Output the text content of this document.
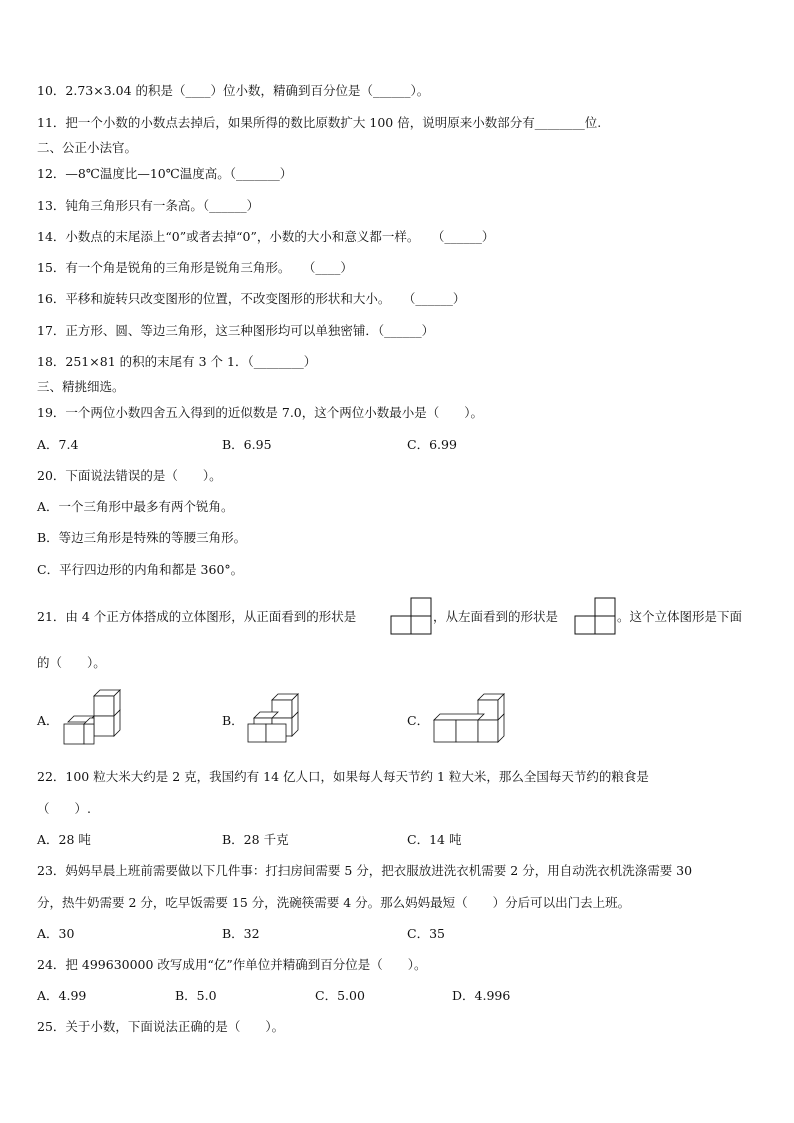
10．2.73×3.04 的积是（____）位小数，精确到百分位是（______）。
11．把一个小数的小数点去掉后，如果所得的数比原数扩大 100 倍，说明原来小数部分有________位.
二、公正小法官。
12．—8℃温度比—10℃温度高。（_______）
13．钝角三角形只有一条高。（______）
14．小数点的末尾添上“0”或者去掉“0”，小数的大小和意义都一样。　　（______）
15．有一个角是锐角的三角形是锐角三角形。　　（____）
16．平移和旋转只改变图形的位置，不改变图形的形状和大小。　　（______）
17．正方形、圆、等边三角形，这三种图形均可以单独密铺．（______）
18．251×81 的积的末尾有 3 个 1．（________）
三、精挑细选。
19．一个两位小数四舍五入得到的近似数是 7.0，这个两位小数最小是（　　）。
A．7.4	B．6.95	C．6.99
20．下面说法错误的是（　　）。
A．一个三角形中最多有两个锐角。
B．等边三角形是特殊的等腰三角形。
C．平行四边形的内角和都是 360°。
21．由 4 个正方体搭成的立体图形，从正面看到的形状是	，从左面看到的形状是	。这个立体图形是下面
的（　　）。
A．	B．	C．
22．100 粒大米大约是 2 克，我国约有 14 亿人口，如果每人每天节约 1 粒大米，那么全国每天节约的粮食是
（　　）.
A．28 吨	B．28 千克	C．14 吨
23．妈妈早晨上班前需要做以下几件事：打扫房间需要 5 分，把衣服放进洗衣机需要 2 分，用自动洗衣机洗涤需要 30
分，热牛奶需要 2 分，吃早饭需要 15 分，洗碗筷需要 4 分。那么妈妈最短（　　）分后可以出门去上班。
A．30	B．32	C．35
24．把 499630000 改写成用“亿”作单位并精确到百分位是（　　）。
A．4.99	B．5.0	C．5.00	D．4.996
25．关于小数，下面说法正确的是（　　）。
